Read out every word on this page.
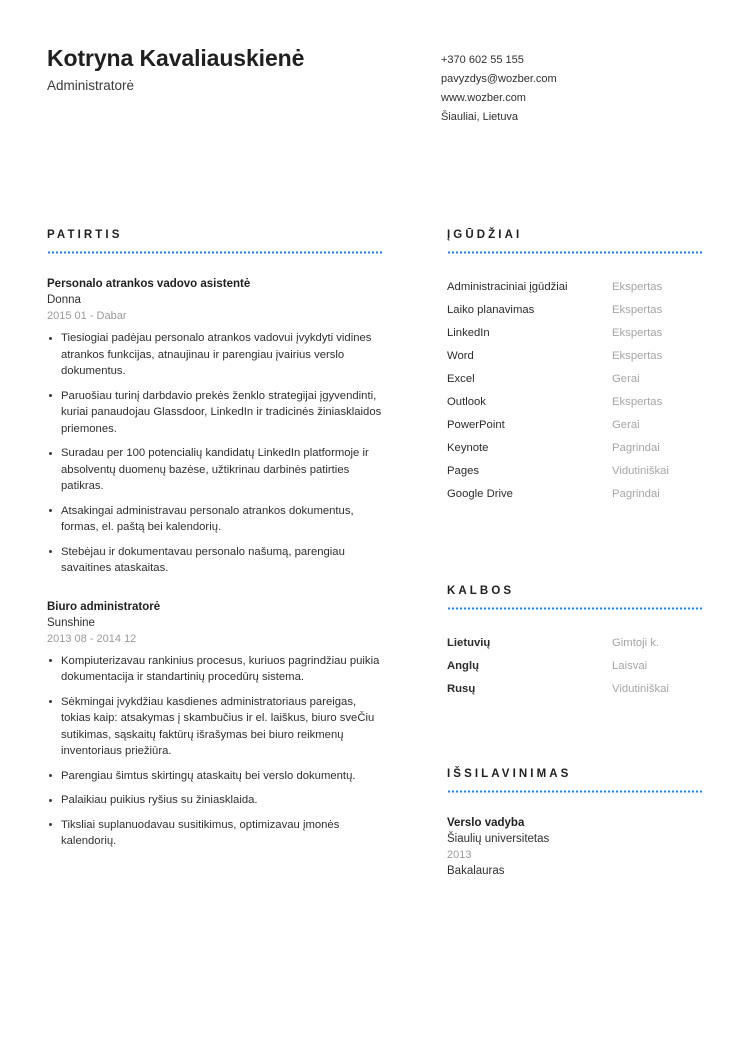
Kotryna Kavaliauskienė
Administratorė
+370 602 55 155
pavyzdys@wozber.com
www.wozber.com
Šiauliai, Lietuva
PATIRTIS
Personalo atrankos vadovo asistentė
Donna
2015 01 - Dabar
Tiesiogiai padėjau personalo atrankos vadovui įvykdyti vidines atrankos funkcijas, atnaujinau ir parengiau įvairius verslo dokumentus.
Paruošiau turinį darbdavio prekės ženklo strategijai įgyvendinti, kuriai panaudojau Glassdoor, LinkedIn ir tradicinės žiniasklaidos priemones.
Suradau per 100 potencialių kandidatų LinkedIn platformoje ir absolventų duomenų bazėse, užtikrinau darbinės patirties patikras.
Atsakingai administravau personalo atrankos dokumentus, formas, el. paštą bei kalendorių.
Stebėjau ir dokumentavau personalo našumą, parengiau savaitines ataskaitas.
Biuro administratorė
Sunshine
2013 08 - 2014 12
Kompiuterizavau rankinius procesus, kuriuos pagrindžiau puikia dokumentacija ir standartinių procedūrų sistema.
Sėkmingai įvykdžiau kasdienes administratoriaus pareigas, tokias kaip: atsakymas į skambučius ir el. laiškus, biuro sveČiu sutikimas, sąskaitų faktūrų išrašymas bei biuro reikmenų inventoriaus priežiūra.
Parengiau šimtus skirtingų ataskaitų bei verslo dokumentų.
Palaikiau puikius ryšius su žiniasklaida.
Tiksliai suplanuodavau susitikimus, optimizavau įmonės kalendorių.
ĮGŪDŽIAI
Administraciniai įgūdžiai	Ekspertas
Laiko planavimas	Ekspertas
LinkedIn	Ekspertas
Word	Ekspertas
Excel	Gerai
Outlook	Ekspertas
PowerPoint	Gerai
Keynote	Pagrindai
Pages	Vidutiniškai
Google Drive	Pagrindai
KALBOS
Lietuvių	Gimtoji k.
Anglų	Laisvai
Rusų	Vidutiniškai
IŠSILAVINIMAS
Verslo vadyba
Šiaulių universitetas
2013
Bakalauras
